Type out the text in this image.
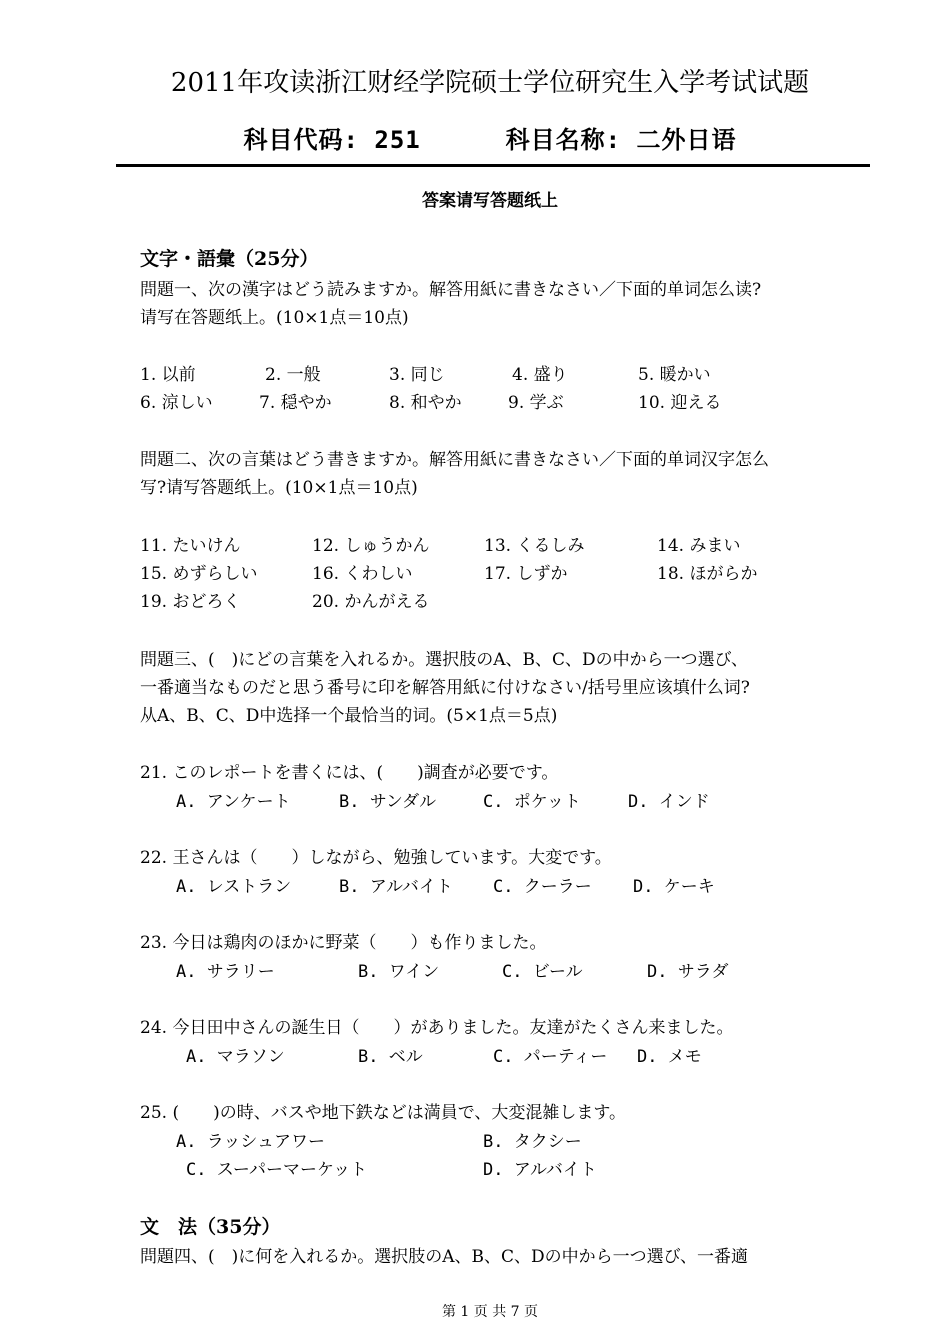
2011年攻读浙江财经学院硕士学位研究生入学考试试题
科目代码: 251	科目名称: 二外日语
答案请写答题纸上
文字・語彙（25分）
問題一、次の漢字はどう読みますか。解答用紙に書きなさい／下面的单词怎么读?
请写在答题纸上。(10×1点＝10点)
1. 以前	2. 一般	3. 同じ	4. 盛り	5. 暖かい
6. 涼しい	7. 穏やか	8. 和やか	9. 学ぶ	10. 迎える
問題二、次の言葉はどう書きますか。解答用紙に書きなさい／下面的单词汉字怎么
写?请写答题纸上。(10×1点＝10点)
11. たいけん	12. しゅうかん	13. くるしみ	14. みまい
15. めずらしい	16. くわしい	17. しずか	18. ほがらか
19. おどろく	20. かんがえる
問題三、(　)にどの言葉を入れるか。選択肢のA、B、C、Dの中から一つ選び、
一番適当なものだと思う番号に印を解答用紙に付けなさい/括号里应该填什么词?
从A、B、C、D中选择一个最恰当的词。(5×1点＝5点)
21. このレポートを書くには、(　　)調査が必要です。
A. アンケート	B. サンダル	C. ポケット	D. インド
22. 王さんは（　　）しながら、勉強しています。大変です。
A. レストラン	B. アルバイト C. クーラー D. ケーキ
23. 今日は鶏肉のほかに野菜（　　）も作りました。
A. サラリー	B. ワイン	C. ビール	D. サラダ
24. 今日田中さんの誕生日（　　）がありました。友達がたくさん来ました。
A. マラソン	B. ベル	C. パーティー D. メモ
25. (　　)の時、バスや地下鉄などは満員で、大変混雑します。
A. ラッシュアワー	B. タクシー
C. スーパーマーケット	D. アルバイト
文　法（35分）
問題四、(　)に何を入れるか。選択肢のA、B、C、Dの中から一つ選び、一番適
第 1 页 共 7 页
